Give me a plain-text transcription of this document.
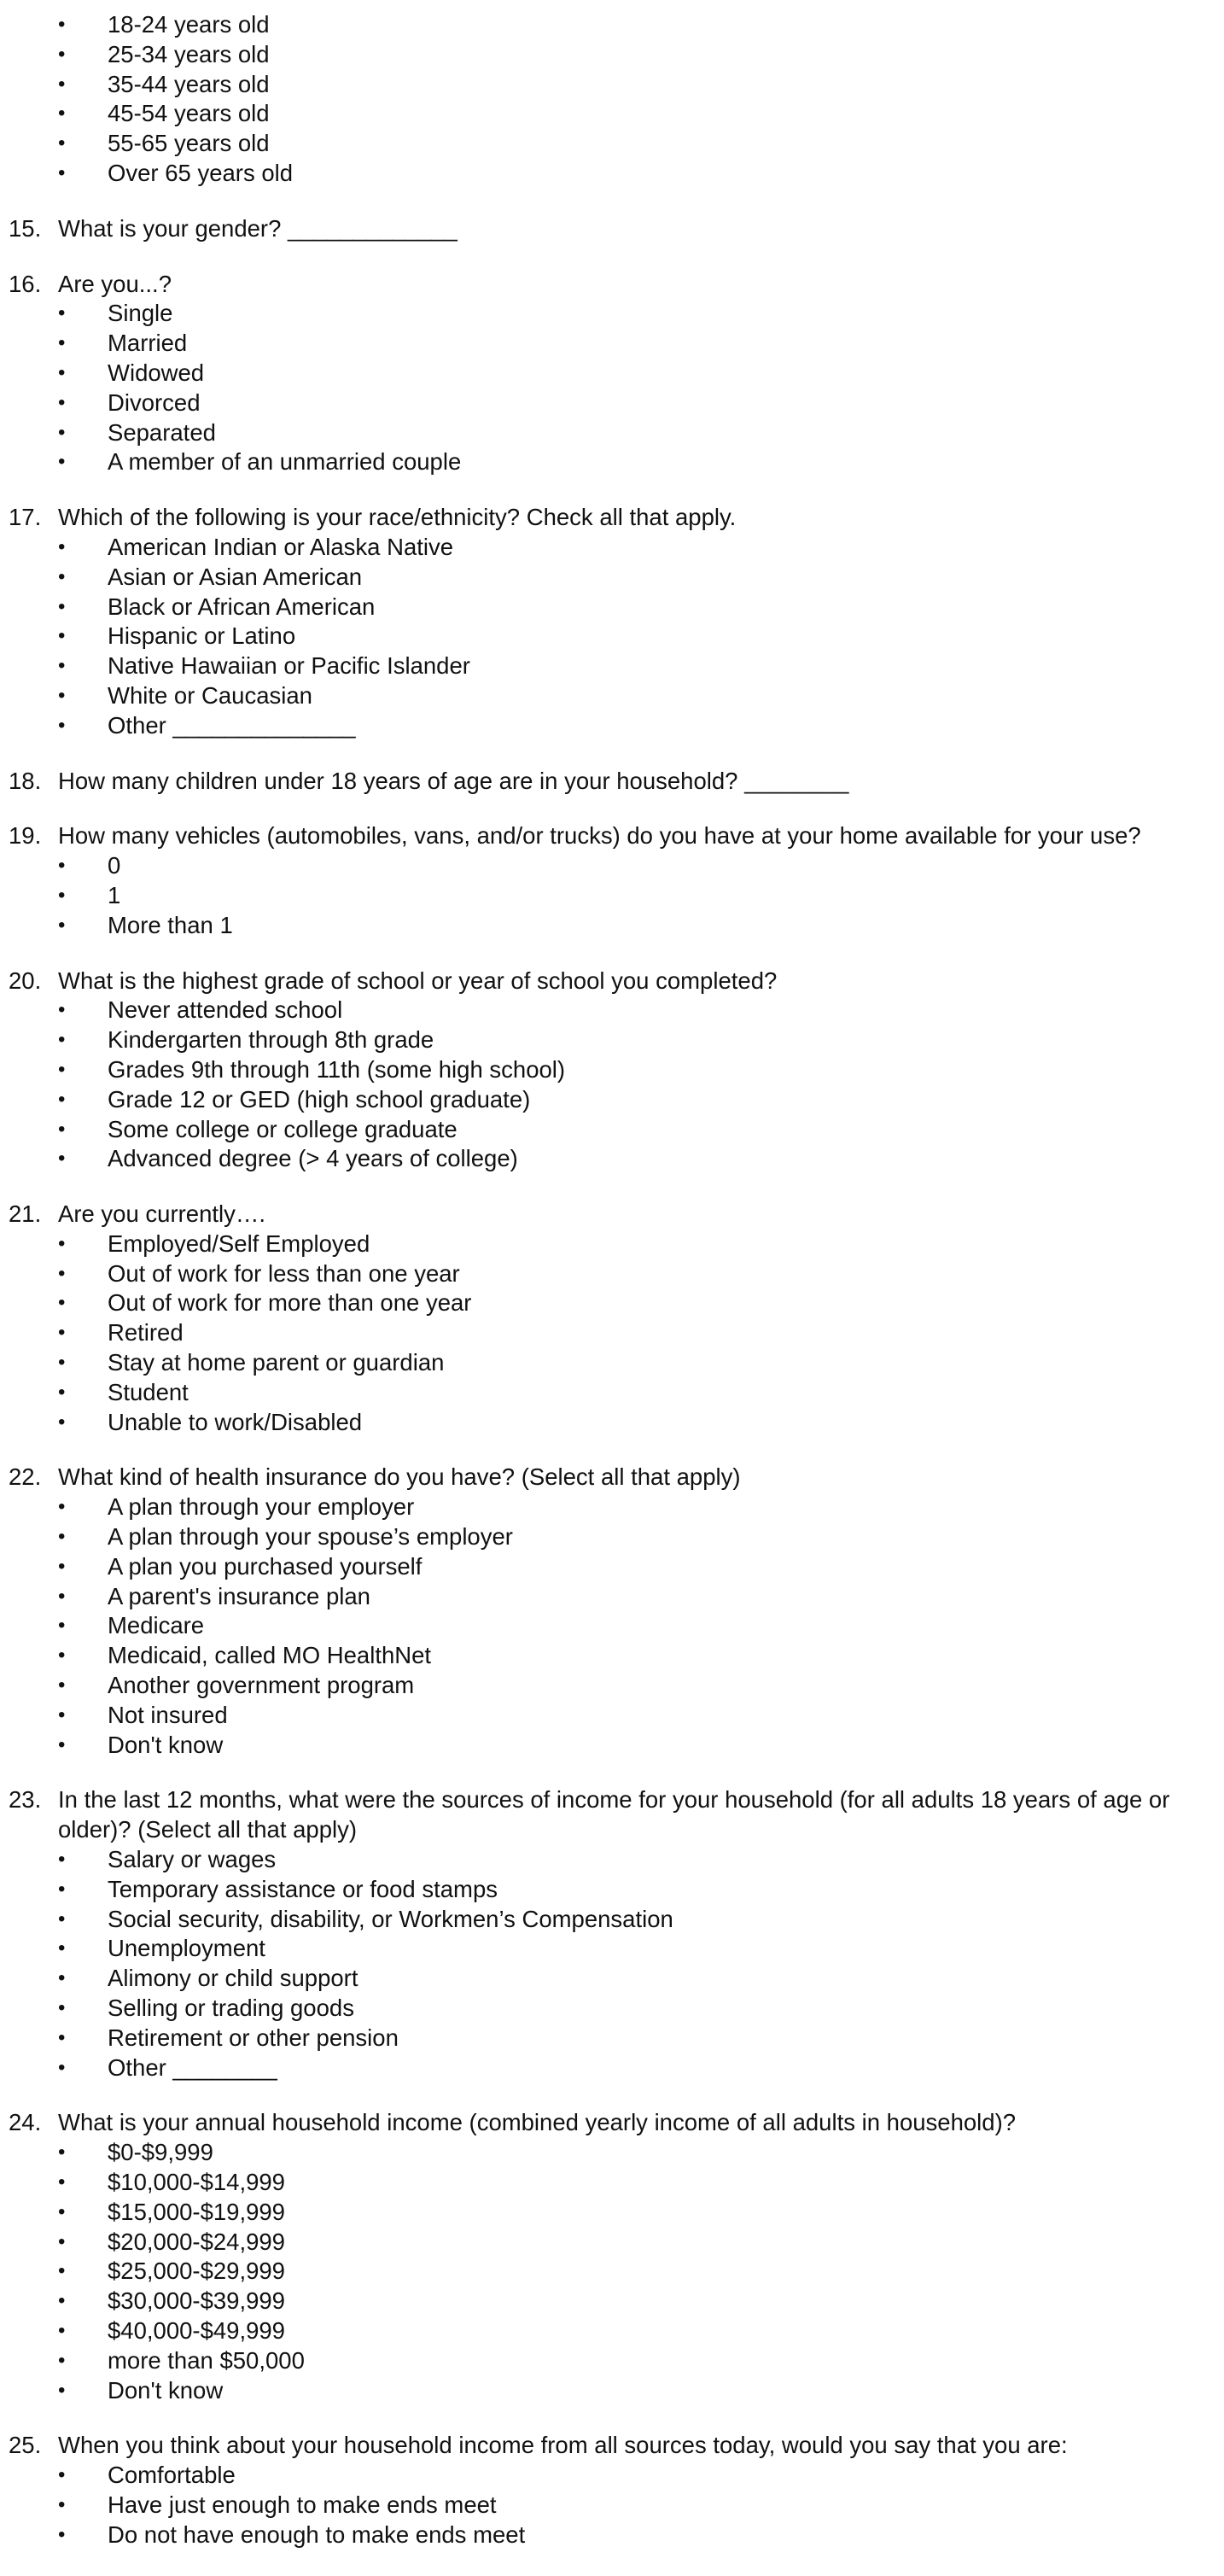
•	18-24 years old
•	25-34 years old
•	35-44 years old
•	45-54 years old
•	55-65 years old
•	Over 65 years old
15. What is your gender? _____________
16. Are you...?
•	Single
•	Married
•	Widowed
•	Divorced
•	Separated
•	A member of an unmarried couple
17. Which of the following is your race/ethnicity? Check all that apply.
•	American Indian or Alaska Native
•	Asian or Asian American
•	Black or African American
•	Hispanic or Latino
•	Native Hawaiian or Pacific Islander
•	White or Caucasian
•	Other ______________
18. How many children under 18 years of age are in your household? ________
19. How many vehicles (automobiles, vans, and/or trucks) do you have at your home available for your use?
•	0
•	1
•	More than 1
20. What is the highest grade of school or year of school you completed?
•	Never attended school
•	Kindergarten through 8th grade
•	Grades 9th through 11th (some high school)
•	Grade 12 or GED (high school graduate)
•	Some college or college graduate
•	Advanced degree (> 4 years of college)
21. Are you currently….
•	Employed/Self Employed
•	Out of work for less than one year
•	Out of work for more than one year
•	Retired
•	Stay at home parent or guardian
•	Student
•	Unable to work/Disabled
22. What kind of health insurance do you have? (Select all that apply)
•	A plan through your employer
•	A plan through your spouse’s employer
•	A plan you purchased yourself
•	A parent's insurance plan
•	Medicare
•	Medicaid, called MO HealthNet
•	Another government program
•	Not insured
•	Don't know
23. In the last 12 months, what were the sources of income for your household (for all adults 18 years of age or older)? (Select all that apply)
•	Salary or wages
•	Temporary assistance or food stamps
•	Social security, disability, or Workmen’s Compensation
•	Unemployment
•	Alimony or child support
•	Selling or trading goods
•	Retirement or other pension
•	Other ________
24. What is your annual household income (combined yearly income of all adults in household)?
•	$0-$9,999
•	$10,000-$14,999
•	$15,000-$19,999
•	$20,000-$24,999
•	$25,000-$29,999
•	$30,000-$39,999
•	$40,000-$49,999
•	more than $50,000
•	Don't know
25. When you think about your household income from all sources today, would you say that you are:
•	Comfortable
•	Have just enough to make ends meet
•	Do not have enough to make ends meet
